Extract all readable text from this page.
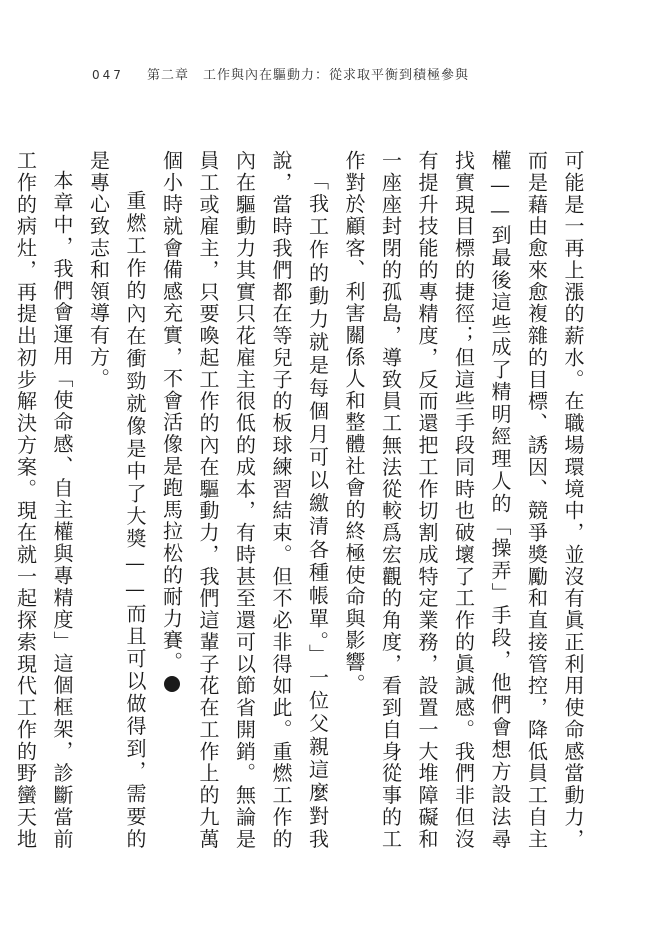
047 第二章　工作與內在驅動力：從求取平衡到積極參與

可能是一再上漲的薪水。在職場環境中，並沒有眞正利用使命感當動力，而是藉由愈來愈複雜的目標、誘因、競爭獎勵和直接管控，降低員工自主權——到最後這些成了精明經理人的「操弄」手段，他們會想方設法尋找實現目標的捷徑；但這些手段同時也破壞了工作的眞誠感。我們非但沒有提升技能的專精度，反而還把工作切割成特定業務，設置一大堆障礙和一座座封閉的孤島，導致員工無法從較爲宏觀的角度，看到自身從事的工作對於顧客、利害關係人和整體社會的終極使命與影響。

「我工作的動力就是每個月可以繳清各種帳單。」一位父親這麼對我說，當時我們都在等兒子的板球練習結束。但不必非得如此。重燃工作的內在驅動力其實只花雇主很低的成本，有時甚至還可以節省開銷。無論是員工或雇主，只要喚起工作的內在驅動力，我們這輩子花在工作上的九萬個小時就會備感充實，不會活像是跑馬拉松的耐力賽。3

重燃工作的內在衝勁就像是中了大獎——而且可以做得到，需要的是專心致志和領導有方。

本章中，我們會運用「使命感、自主權與專精度」這個框架，診斷當前工作的病灶，再提出初步解決方案。現在就一起探索現代工作的野蠻天地
